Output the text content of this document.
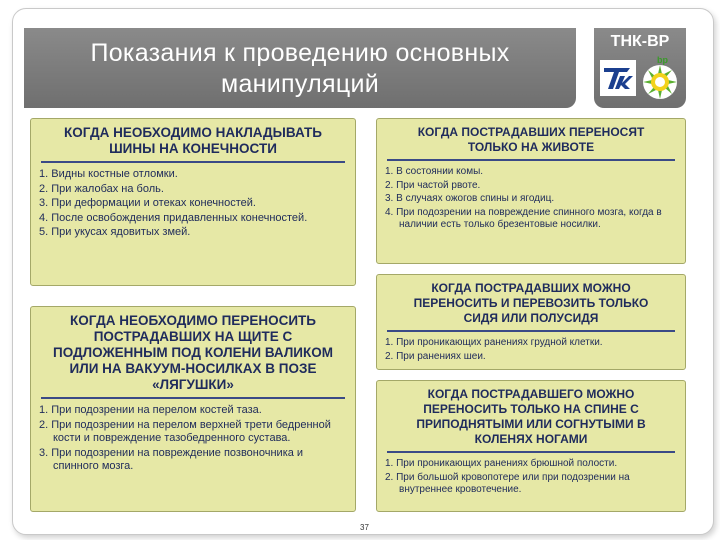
Показания к проведению основных манипуляций
ТНК-ВР
bp
КОГДА НЕОБХОДИМО НАКЛАДЫВАТЬ ШИНЫ НА КОНЕЧНОСТИ
1. Видны костные отломки.
2. При жалобах на боль.
3. При деформации и отеках конечностей.
4. После освобождения придавленных конечностей.
5. При укусах ядовитых змей.
КОГДА НЕОБХОДИМО ПЕРЕНОСИТЬ ПОСТРАДАВШИХ НА ЩИТЕ С ПОДЛОЖЕННЫМ ПОД КОЛЕНИ ВАЛИКОМ ИЛИ НА ВАКУУМ-НОСИЛКАХ В ПОЗЕ «ЛЯГУШКИ»
1. При подозрении на перелом костей таза.
2. При подозрении на перелом верхней трети бедренной кости и повреждение тазобедренного сустава.
3. При подозрении на повреждение позвоночника и спинного мозга.
КОГДА ПОСТРАДАВШИХ ПЕРЕНОСЯТ ТОЛЬКО НА ЖИВОТЕ
1. В состоянии комы.
2. При частой рвоте.
3. В случаях ожогов спины и ягодиц.
4. При подозрении на повреждение спинного мозга, когда в наличии есть только брезентовые носилки.
КОГДА ПОСТРАДАВШИХ МОЖНО ПЕРЕНОСИТЬ И ПЕРЕВОЗИТЬ ТОЛЬКО СИДЯ ИЛИ ПОЛУСИДЯ
1. При проникающих ранениях грудной клетки.
2. При ранениях шеи.
КОГДА ПОСТРАДАВШЕГО МОЖНО ПЕРЕНОСИТЬ ТОЛЬКО НА СПИНЕ С ПРИПОДНЯТЫМИ ИЛИ СОГНУТЫМИ В КОЛЕНЯХ НОГАМИ
1. При проникающих ранениях брюшной полости.
2. При большой кровопотере или при подозрении на внутреннее кровотечение.
37
